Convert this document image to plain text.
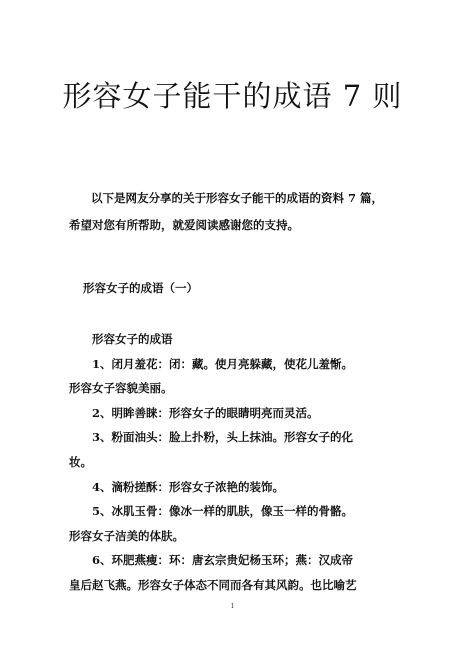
形容女子能干的成语 7 则
以下是网友分享的关于形容女子能干的成语的资料 7 篇，
希望对您有所帮助，就爱阅读感谢您的支持。
形容女子的成语（一）
形容女子的成语
1、闭月羞花：闭：藏。使月亮躲藏，使花儿羞惭。
形容女子容貌美丽。
2、明眸善睐：形容女子的眼睛明亮而灵活。
3、粉面油头：脸上扑粉，头上抹油。形容女子的化
妆。
4、滴粉搓酥：形容女子浓艳的装饰。
5、冰肌玉骨：像冰一样的肌肤，像玉一样的骨骼。
形容女子洁美的体肤。
6、环肥燕瘦：环：唐玄宗贵妃杨玉环；燕：汉成帝
皇后赵飞燕。形容女子体态不同而各有其风韵。也比喻艺
1
